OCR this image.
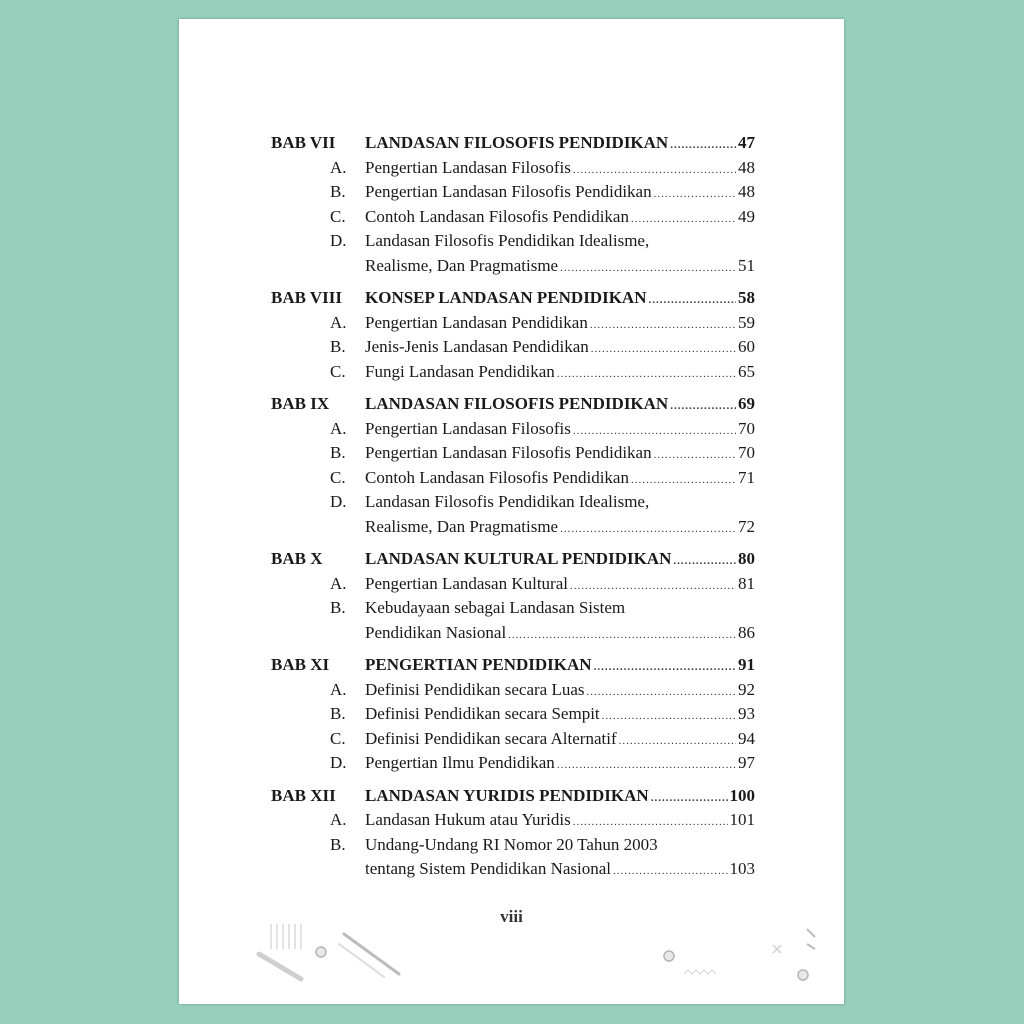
BAB VII	LANDASAN FILOSOFIS PENDIDIKAN .....	47
A.	Pengertian Landasan Filosofis .....	48
B.	Pengertian Landasan Filosofis Pendidikan .....	48
C.	Contoh Landasan Filosofis Pendidikan .....	49
D.	Landasan Filosofis Pendidikan Idealisme,
Realisme, Dan Pragmatisme .....	51
BAB VIII	KONSEP LANDASAN PENDIDIKAN .....	58
A.	Pengertian Landasan Pendidikan .....	59
B.	Jenis-Jenis Landasan Pendidikan .....	60
C.	Fungi Landasan Pendidikan .....	65
BAB IX	LANDASAN FILOSOFIS PENDIDIKAN .....	69
A.	Pengertian Landasan Filosofis .....	70
B.	Pengertian Landasan Filosofis Pendidikan .....	70
C.	Contoh Landasan Filosofis Pendidikan .....	71
D.	Landasan Filosofis Pendidikan Idealisme,
Realisme, Dan Pragmatisme .....	72
BAB X	LANDASAN KULTURAL PENDIDIKAN .....	80
A.	Pengertian Landasan Kultural .....	81
B.	Kebudayaan sebagai Landasan Sistem
Pendidikan Nasional .....	86
BAB XI	PENGERTIAN PENDIDIKAN .....	91
A.	Definisi Pendidikan secara Luas .....	92
B.	Definisi Pendidikan secara Sempit .....	93
C.	Definisi Pendidikan secara Alternatif .....	94
D.	Pengertian Ilmu Pendidikan .....	97
BAB XII	LANDASAN YURIDIS PENDIDIKAN .....	100
A.	Landasan Hukum atau Yuridis .....	101
B.	Undang-Undang RI Nomor 20 Tahun 2003
tentang Sistem Pendidikan Nasional .....	103
viii
